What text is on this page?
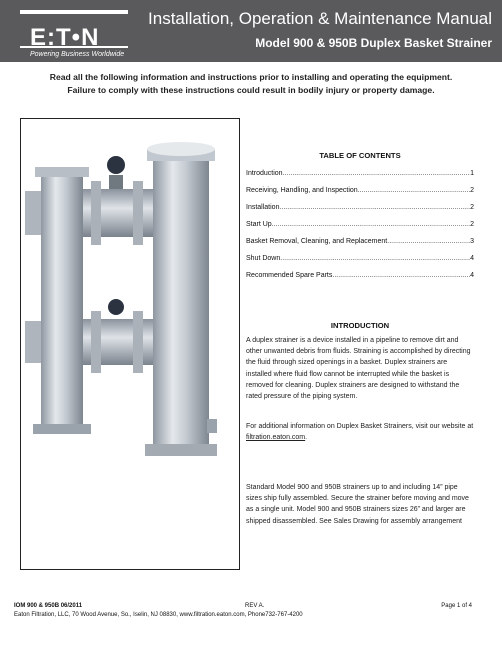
E:T•N
Powering Business Worldwide
Installation, Operation & Maintenance Manual
Model 900 & 950B Duplex Basket Strainer
Read all the following information and instructions prior to installing and operating the equipment.
Failure to comply with these instructions could result in bodily injury or property damage.
TABLE OF CONTENTS
Introduction .....	1
Receiving, Handling, and Inspection .....	2
Installation .....	2
Start Up .....	2
Basket Removal, Cleaning, and Replacement .....	3
Shut Down .....	4
Recommended Spare Parts .....	4
INTRODUCTION
A duplex strainer is a device installed in a pipeline to remove dirt and other unwanted debris from fluids. Straining is accomplished by directing the fluid through sized openings in a basket. Duplex strainers are installed where fluid flow cannot be interrupted while the basket is removed for cleaning. Duplex strainers are designed to withstand the rated pressure of the piping system.
For additional information on Duplex Basket Strainers, visit our website at filtration.eaton.com.
Standard Model 900 and 950B strainers up to and including 14” pipe sizes ship fully assembled. Secure the strainer before moving and move as a single unit. Model 900 and 950B strainers sizes 26” and larger are shipped disassembled. See Sales Drawing for assembly arrangement
IOM 900 & 950B 06/2011	REV A.	Page 1 of 4
Eaton Filtration, LLC, 70 Wood Avenue, So., Iselin, NJ 08830, www.filtration.eaton.com, Phone732-767-4200
